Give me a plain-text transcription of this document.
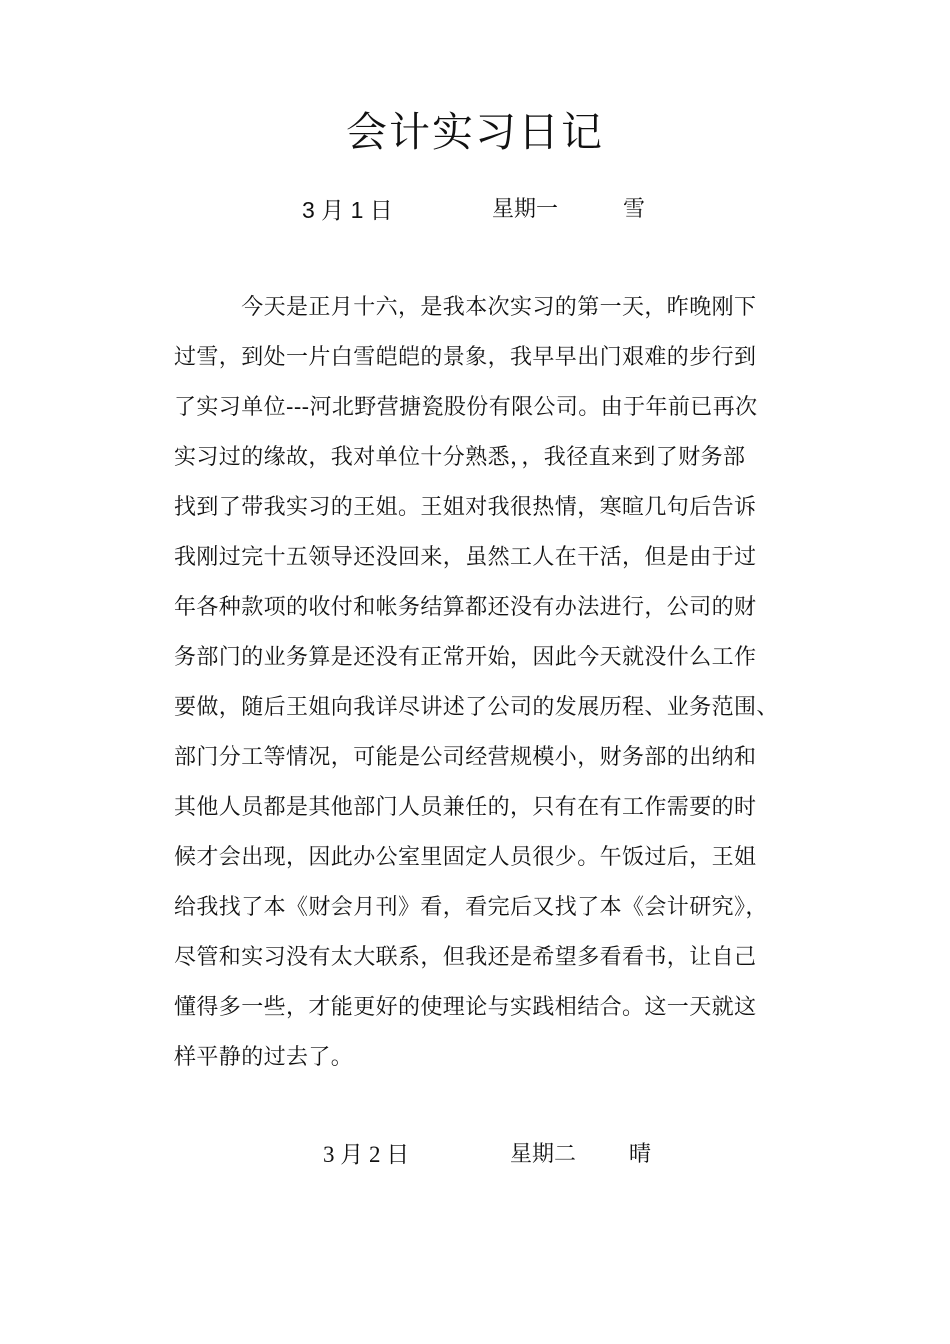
会计实习日记
3 月 1 日	星期一	雪
　　　今天是正月十六，是我本次实习的第一天，昨晚刚下
过雪，到处一片白雪皑皑的景象，我早早出门艰难的步行到
了实习单位---河北野营搪瓷股份有限公司。由于年前已再次
实习过的缘故，我对单位十分熟悉，，我径直来到了财务部
找到了带我实习的王姐。王姐对我很热情，寒暄几句后告诉
我刚过完十五领导还没回来，虽然工人在干活，但是由于过
年各种款项的收付和帐务结算都还没有办法进行，公司的财
务部门的业务算是还没有正常开始，因此今天就没什么工作
要做，随后王姐向我详尽讲述了公司的发展历程、业务范围、
部门分工等情况，可能是公司经营规模小，财务部的出纳和
其他人员都是其他部门人员兼任的，只有在有工作需要的时
候才会出现，因此办公室里固定人员很少。午饭过后，王姐
给我找了本《财会月刊》看，看完后又找了本《会计研究》，
尽管和实习没有太大联系，但我还是希望多看看书，让自己
懂得多一些，才能更好的使理论与实践相结合。这一天就这
样平静的过去了。
3 月 2 日	星期二 晴
